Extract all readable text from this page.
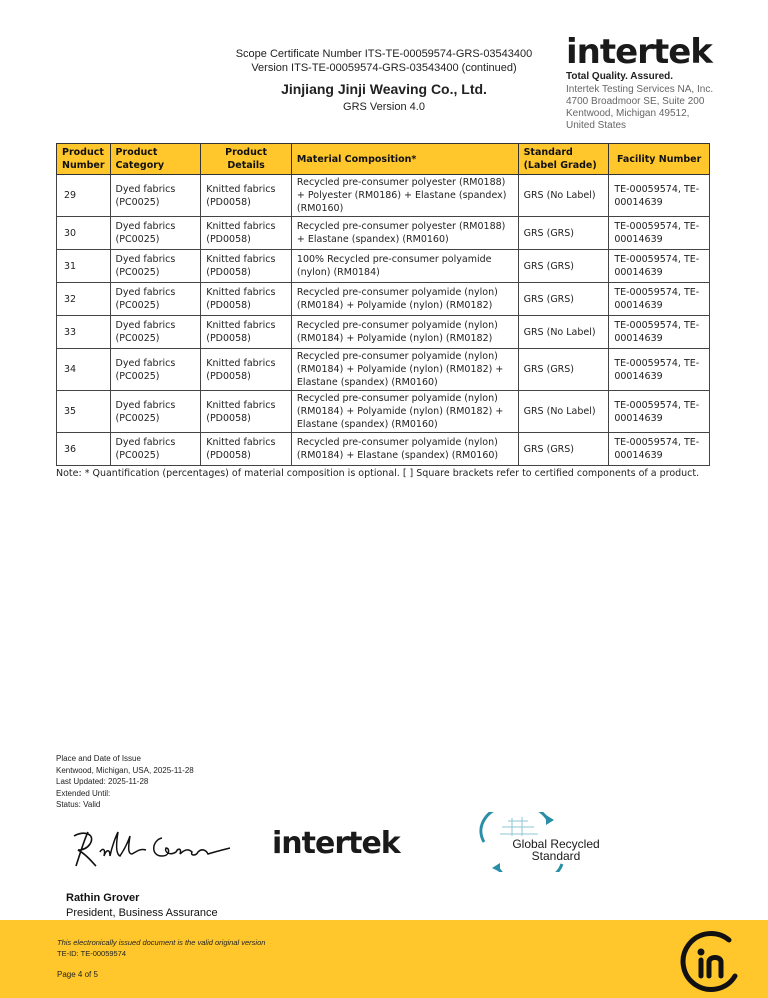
Scope Certificate Number ITS-TE-00059574-GRS-03543400
Version ITS-TE-00059574-GRS-03543400 (continued)
Jinjiang Jinji Weaving Co., Ltd.
GRS Version 4.0
intertek
Total Quality. Assured.
Intertek Testing Services NA, Inc.
4700 Broadmoor SE, Suite 200
Kentwood, Michigan 49512,
United States
Product Number	Product Category	Product Details	Material Composition*	Standard (Label Grade)	Facility Number
29	Dyed fabrics (PC0025)	Knitted fabrics (PD0058)	Recycled pre-consumer polyester (RM0188) + Polyester (RM0186) + Elastane (spandex) (RM0160)	GRS (No Label)	TE-00059574, TE-00014639
30	Dyed fabrics (PC0025)	Knitted fabrics (PD0058)	Recycled pre-consumer polyester (RM0188) + Elastane (spandex) (RM0160)	GRS (GRS)	TE-00059574, TE-00014639
31	Dyed fabrics (PC0025)	Knitted fabrics (PD0058)	100% Recycled pre-consumer polyamide (nylon) (RM0184)	GRS (GRS)	TE-00059574, TE-00014639
32	Dyed fabrics (PC0025)	Knitted fabrics (PD0058)	Recycled pre-consumer polyamide (nylon) (RM0184) + Polyamide (nylon) (RM0182)	GRS (GRS)	TE-00059574, TE-00014639
33	Dyed fabrics (PC0025)	Knitted fabrics (PD0058)	Recycled pre-consumer polyamide (nylon) (RM0184) + Polyamide (nylon) (RM0182)	GRS (No Label)	TE-00059574, TE-00014639
34	Dyed fabrics (PC0025)	Knitted fabrics (PD0058)	Recycled pre-consumer polyamide (nylon) (RM0184) + Polyamide (nylon) (RM0182) + Elastane (spandex) (RM0160)	GRS (GRS)	TE-00059574, TE-00014639
35	Dyed fabrics (PC0025)	Knitted fabrics (PD0058)	Recycled pre-consumer polyamide (nylon) (RM0184) + Polyamide (nylon) (RM0182) + Elastane (spandex) (RM0160)	GRS (No Label)	TE-00059574, TE-00014639
36	Dyed fabrics (PC0025)	Knitted fabrics (PD0058)	Recycled pre-consumer polyamide (nylon) (RM0184) + Elastane (spandex) (RM0160)	GRS (GRS)	TE-00059574, TE-00014639
Note: * Quantification (percentages) of material composition is optional. [ ] Square brackets refer to certified components of a product.
Place and Date of Issue
Kentwood, Michigan, USA, 2025-11-28
Last Updated: 2025-11-28
Extended Until:
Status: Valid
intertek	Global Recycled Standard
Rathin Grover
President, Business Assurance
This electronically issued document is the valid original version
TE-ID: TE-00059574
Page 4 of 5
